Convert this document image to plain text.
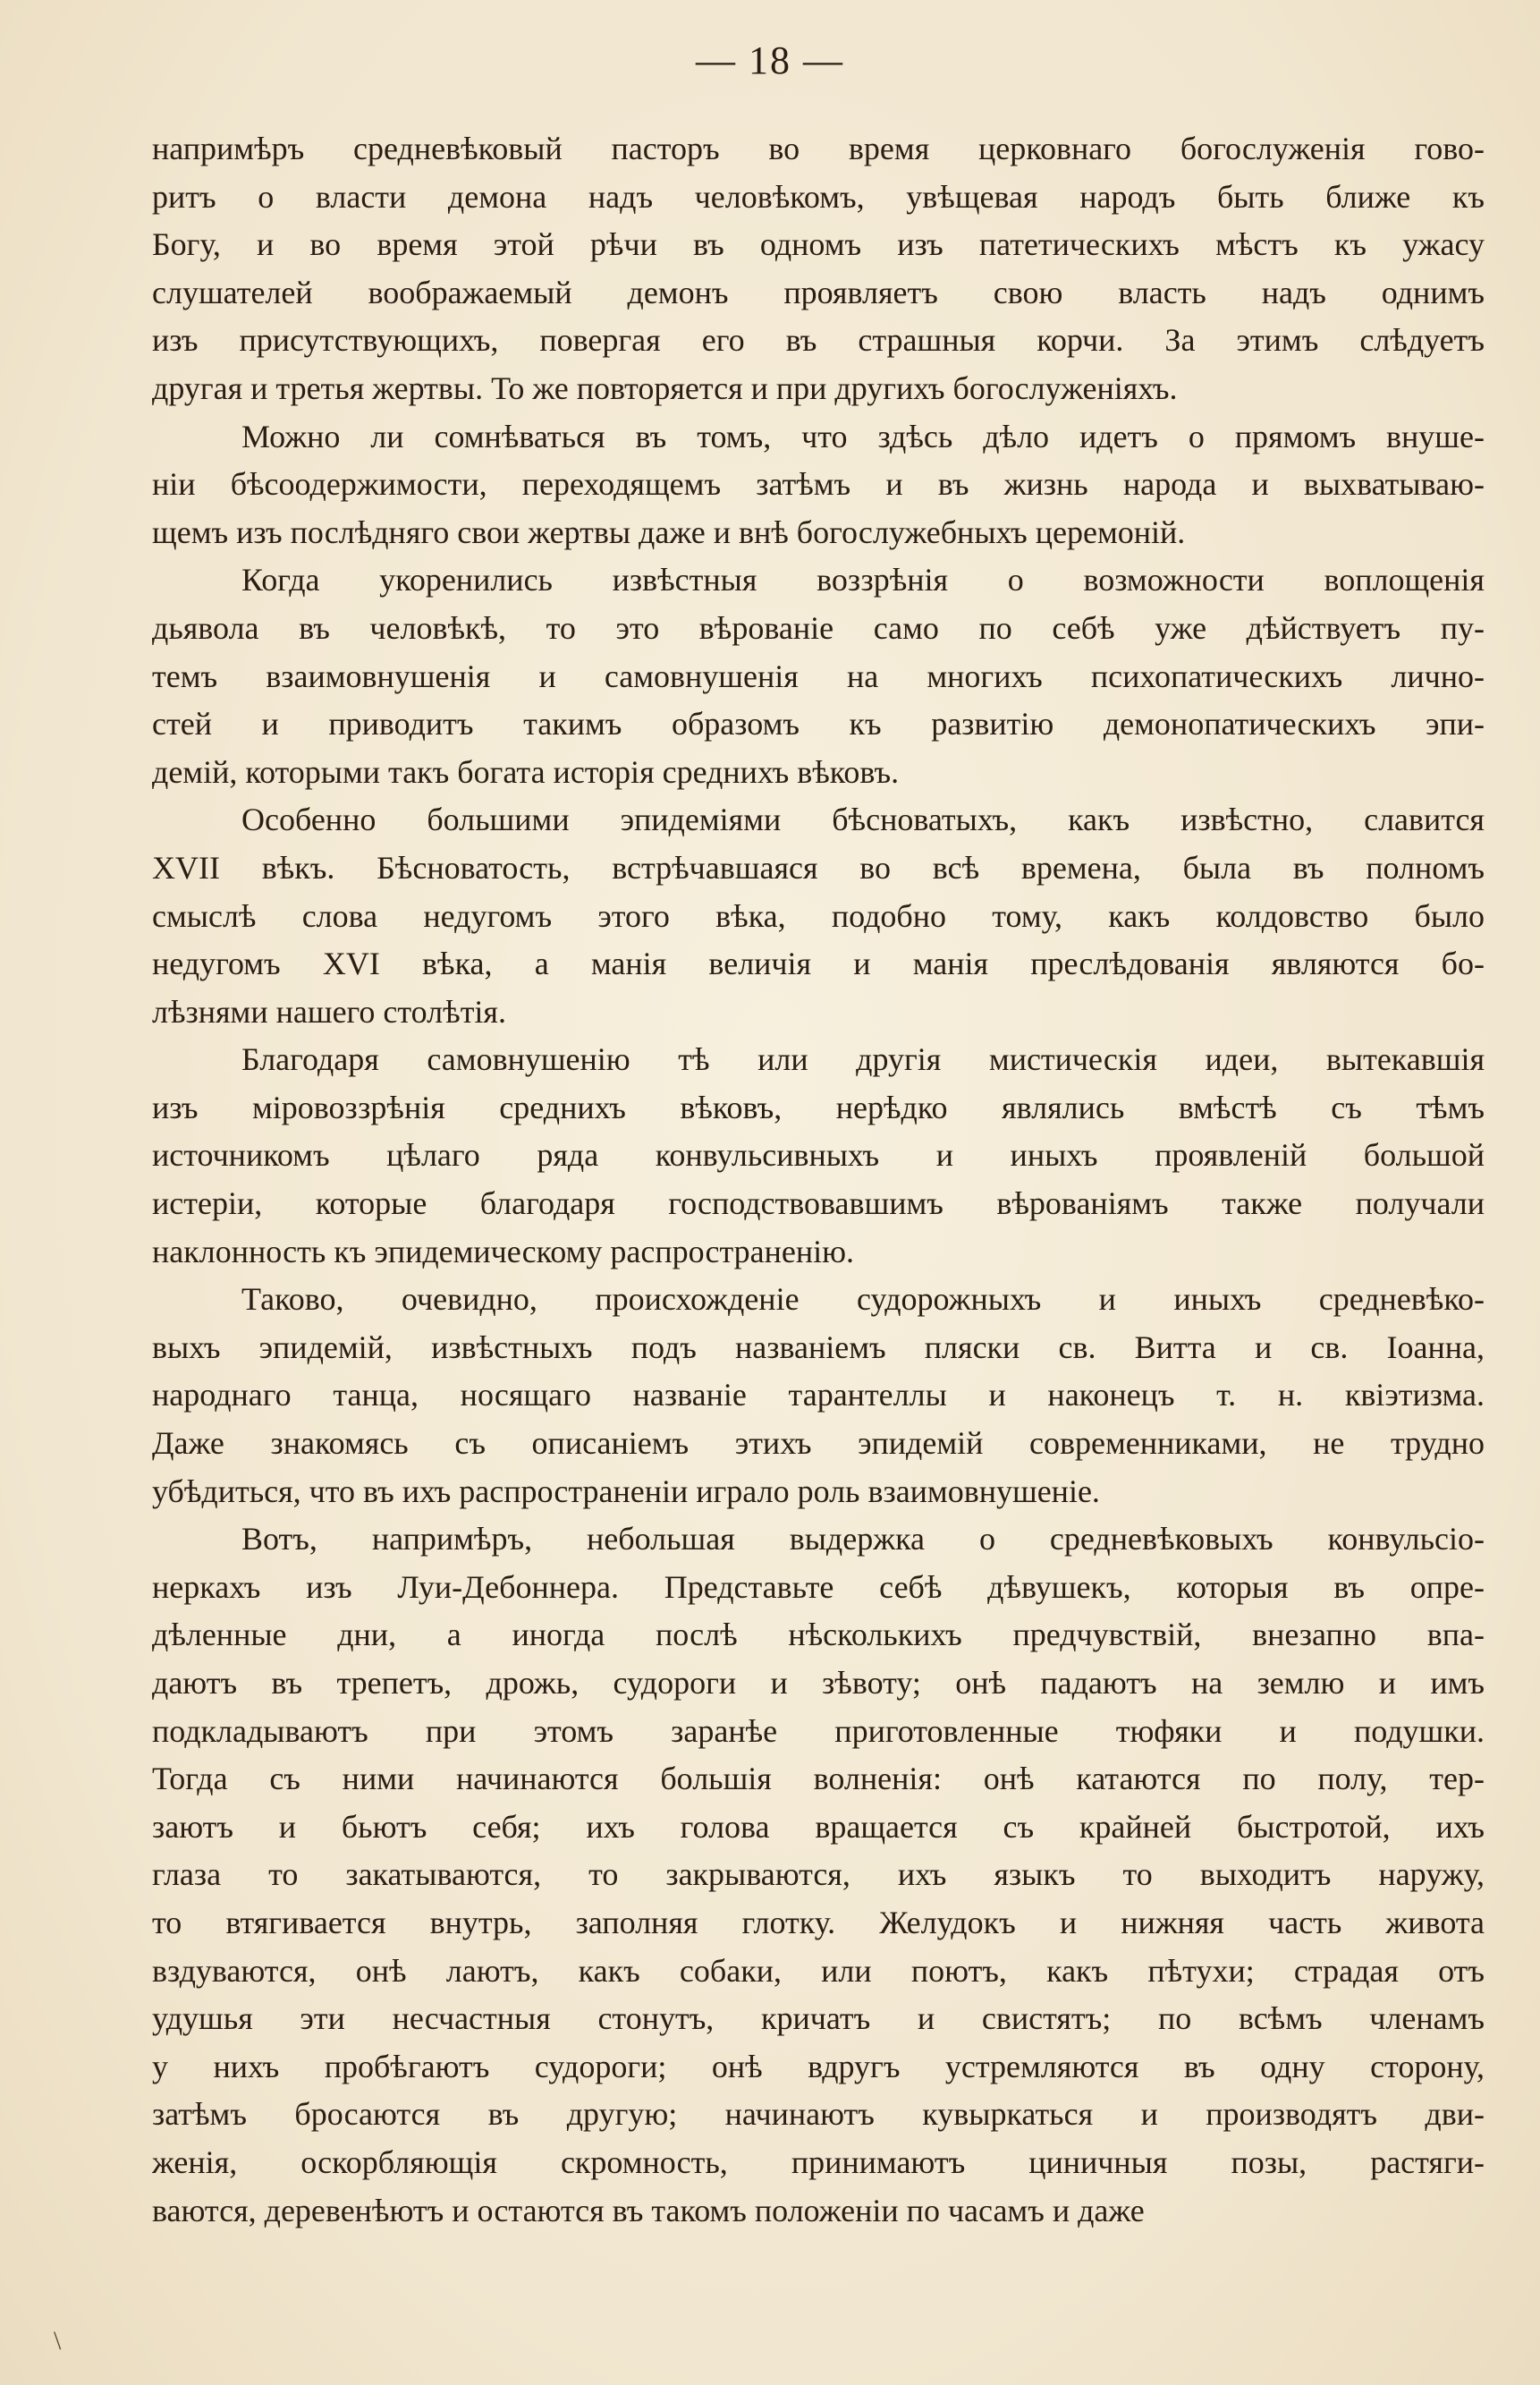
— 18 —
напримѣръ средневѣковый пасторъ во время церковнаго богослуженія гово-
ритъ о власти демона надъ человѣкомъ, увѣщевая народъ быть ближе къ
Богу, и во время этой рѣчи въ одномъ изъ патетическихъ мѣстъ къ ужасу
слушателей воображаемый демонъ проявляетъ свою власть надъ однимъ
изъ присутствующихъ, повергая его въ страшныя корчи. За этимъ слѣдуетъ
другая и третья жертвы. То же повторяется и при другихъ богослуженіяхъ.
Можно ли сомнѣваться въ томъ, что здѣсь дѣло идетъ о прямомъ внуше-
ніи бѣсоодержимости, переходящемъ затѣмъ и въ жизнь народа и выхватываю-
щемъ изъ послѣдняго свои жертвы даже и внѣ богослужебныхъ церемоній.
Когда укоренились извѣстныя воззрѣнія о возможности воплощенія
дьявола въ человѣкѣ, то это вѣрованіе само по себѣ уже дѣйствуетъ пу-
темъ взаимовнушенія и самовнушенія на многихъ психопатическихъ лично-
стей и приводитъ такимъ образомъ къ развитію демонопатическихъ эпи-
демій, которыми такъ богата исторія среднихъ вѣковъ.
Особенно большими эпидеміями бѣсноватыхъ, какъ извѣстно, славится
XVII вѣкъ. Бѣсноватость, встрѣчавшаяся во всѣ времена, была въ полномъ
смыслѣ слова недугомъ этого вѣка, подобно тому, какъ колдовство было
недугомъ XVI вѣка, а манія величія и манія преслѣдованія являются бо-
лѣзнями нашего столѣтія.
Благодаря самовнушенію тѣ или другія мистическія идеи, вытекавшія
изъ міровоззрѣнія среднихъ вѣковъ, нерѣдко являлись вмѣстѣ съ тѣмъ
источникомъ цѣлаго ряда конвульсивныхъ и иныхъ проявленій большой
истеріи, которые благодаря господствовавшимъ вѣрованіямъ также получали
наклонность къ эпидемическому распространенію.
Таково, очевидно, происхожденіе судорожныхъ и иныхъ средневѣко-
выхъ эпидемій, извѣстныхъ подъ названіемъ пляски св. Витта и св. Іоанна,
народнаго танца, носящаго названіе тарантеллы и наконецъ т. н. квіэтизма.
Даже знакомясь съ описаніемъ этихъ эпидемій современниками, не трудно
убѣдиться, что въ ихъ распространеніи играло роль взаимовнушеніе.
Вотъ, напримѣръ, небольшая выдержка о средневѣковыхъ конвульсіо-
неркахъ изъ Луи-Дебоннера. Представьте себѣ дѣвушекъ, которыя въ опре-
дѣленные дни, а иногда послѣ нѣсколькихъ предчувствій, внезапно впа-
даютъ въ трепетъ, дрожь, судороги и зѣвоту; онѣ падаютъ на землю и имъ
подкладываютъ при этомъ заранѣе приготовленные тюфяки и подушки.
Тогда съ ними начинаются большія волненія: онѣ катаются по полу, тер-
заютъ и бьютъ себя; ихъ голова вращается съ крайней быстротой, ихъ
глаза то закатываются, то закрываются, ихъ языкъ то выходитъ наружу,
то втягивается внутрь, заполняя глотку. Желудокъ и нижняя часть живота
вздуваются, онѣ лаютъ, какъ собаки, или поютъ, какъ пѣтухи; страдая отъ
удушья эти несчастныя стонутъ, кричатъ и свистятъ; по всѣмъ членамъ
у нихъ пробѣгаютъ судороги; онѣ вдругъ устремляются въ одну сторону,
затѣмъ бросаются въ другую; начинаютъ кувыркаться и производятъ дви-
женія, оскорбляющія скромность, принимаютъ циничныя позы, растяги-
ваются, деревенѣютъ и остаются въ такомъ положеніи по часамъ и даже
\
